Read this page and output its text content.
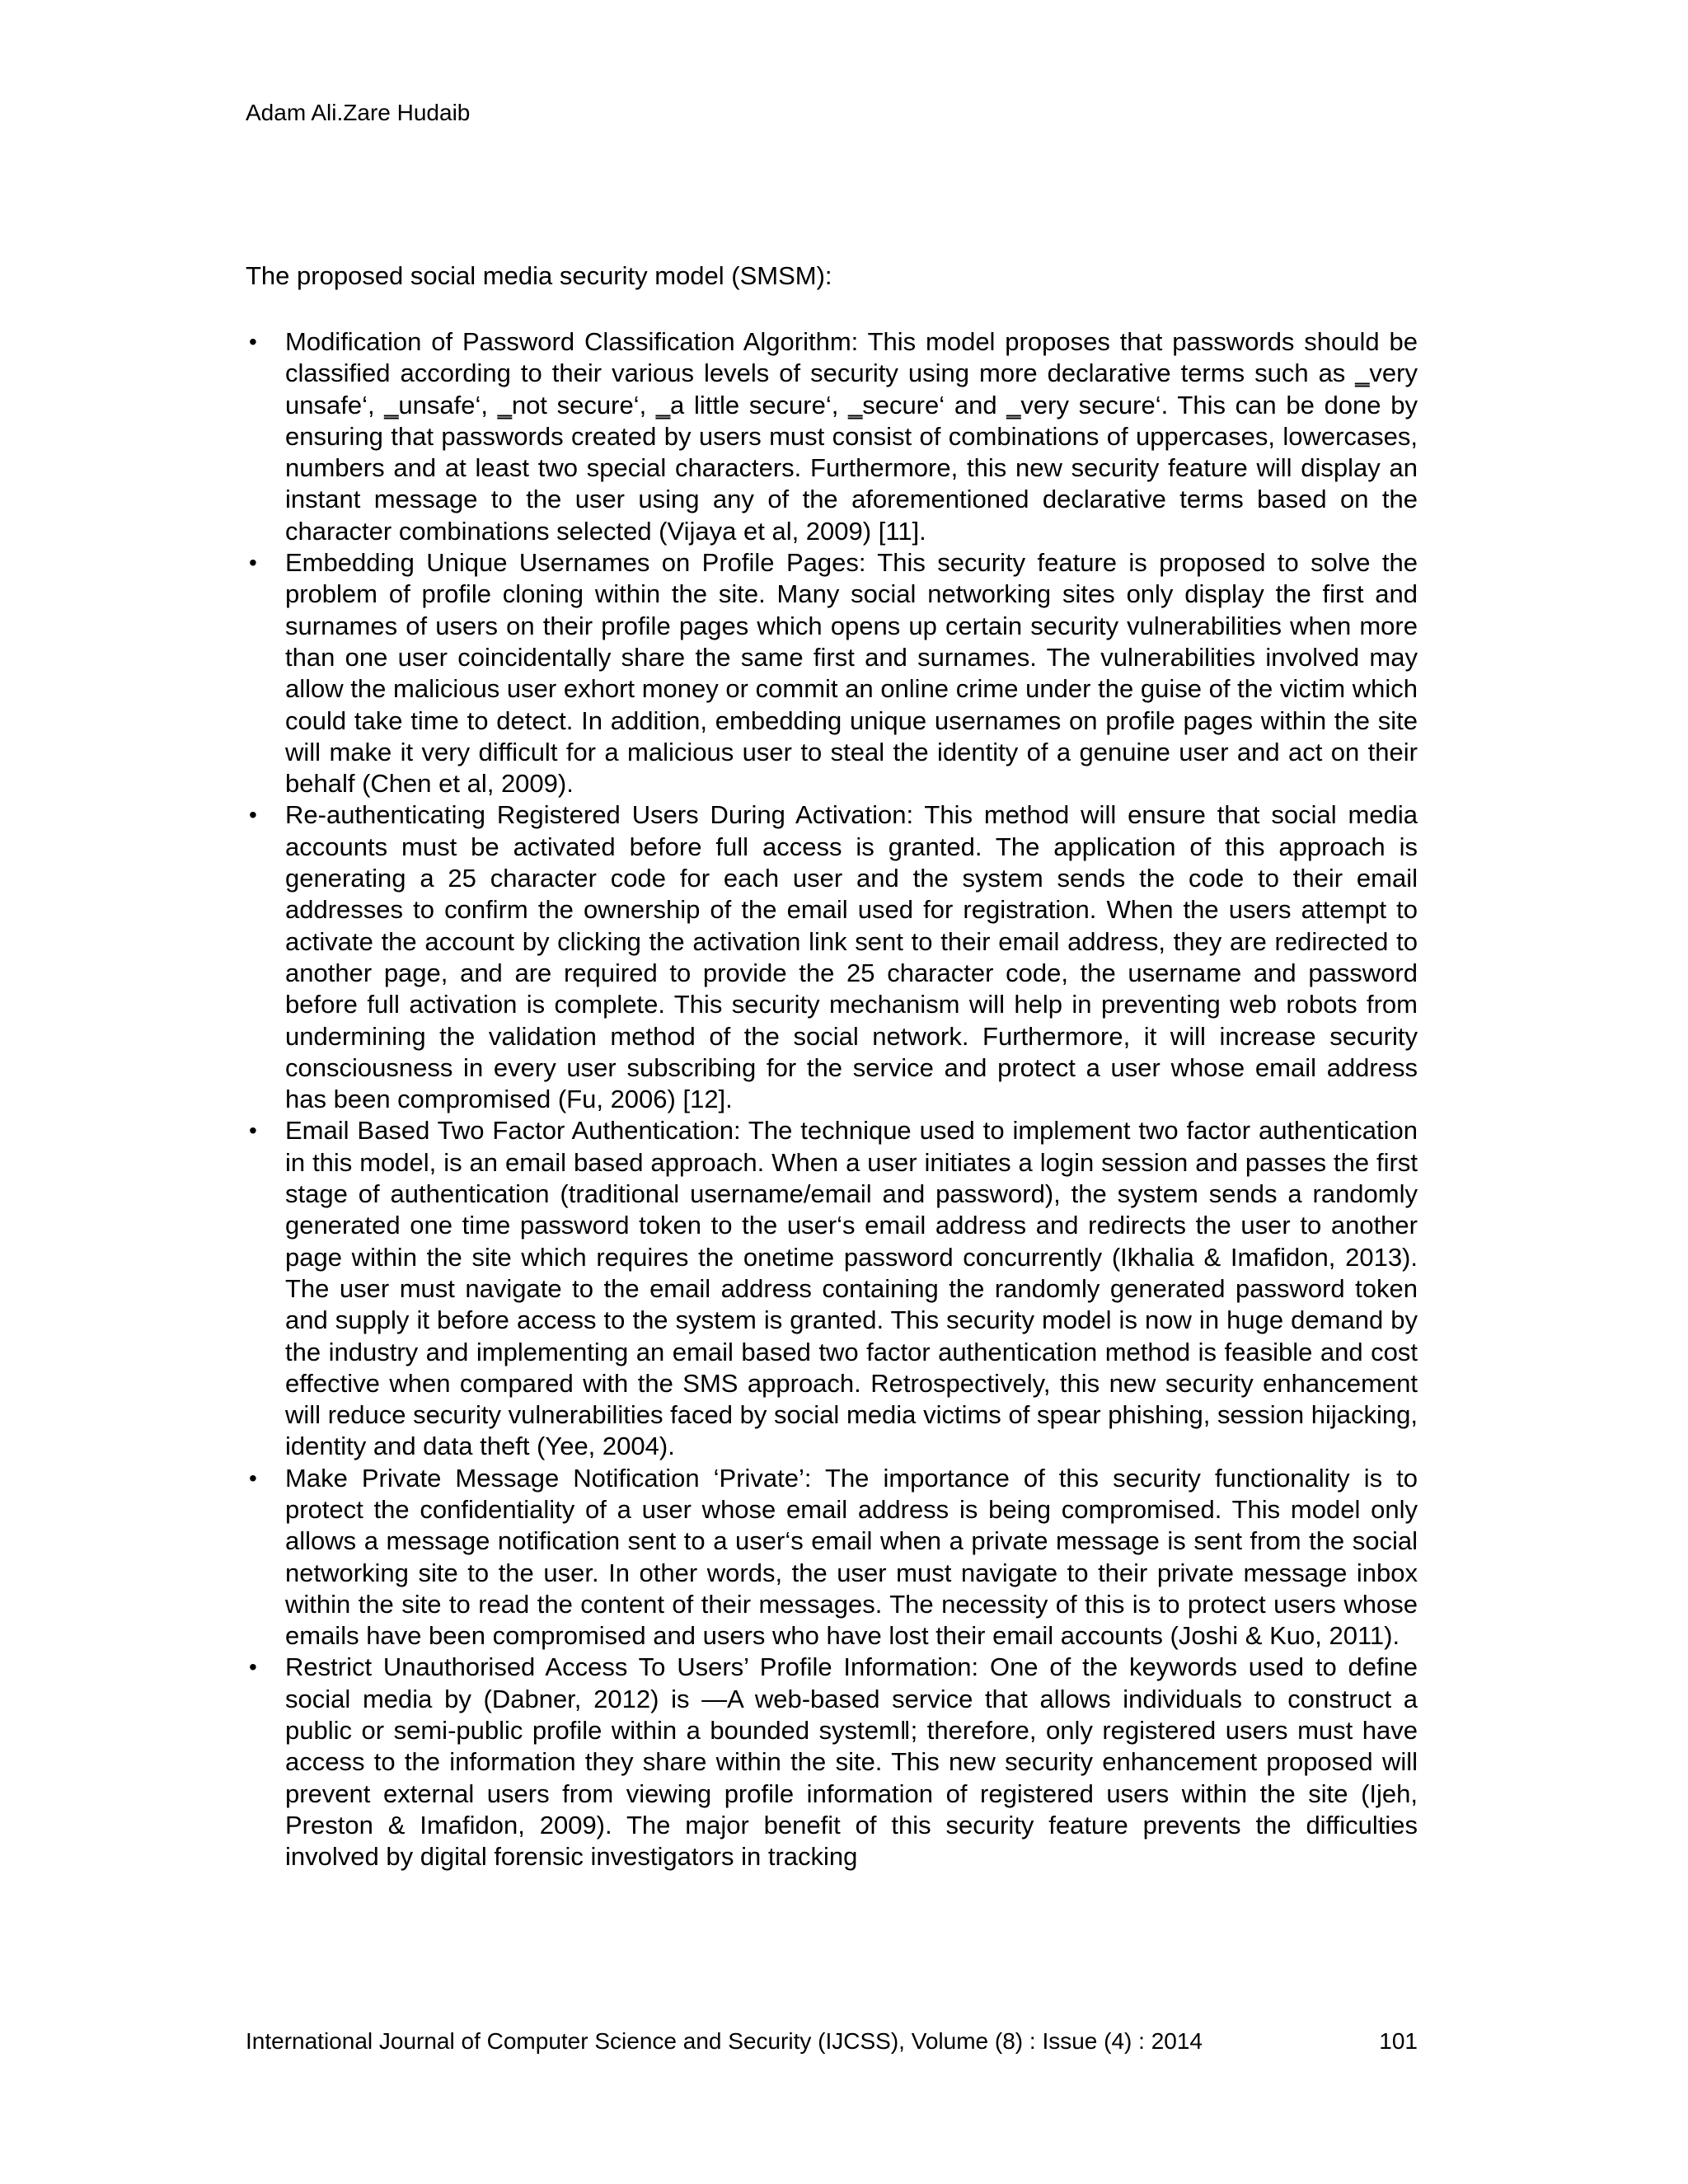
Adam Ali.Zare Hudaib
The proposed social media security model (SMSM):
• Modification of Password Classification Algorithm: This model proposes that passwords should be classified according to their various levels of security using more declarative terms such as ‗very unsafe‘, ‗unsafe‘, ‗not secure‘, ‗a little secure‘, ‗secure‘ and ‗very secure‘. This can be done by ensuring that passwords created by users must consist of combinations of uppercases, lowercases, numbers and at least two special characters. Furthermore, this new security feature will display an instant message to the user using any of the aforementioned declarative terms based on the character combinations selected (Vijaya et al, 2009) [11].
• Embedding Unique Usernames on Profile Pages: This security feature is proposed to solve the problem of profile cloning within the site. Many social networking sites only display the first and surnames of users on their profile pages which opens up certain security vulnerabilities when more than one user coincidentally share the same first and surnames. The vulnerabilities involved may allow the malicious user exhort money or commit an online crime under the guise of the victim which could take time to detect. In addition, embedding unique usernames on profile pages within the site will make it very difficult for a malicious user to steal the identity of a genuine user and act on their behalf (Chen et al, 2009).
• Re-authenticating Registered Users During Activation: This method will ensure that social media accounts must be activated before full access is granted. The application of this approach is generating a 25 character code for each user and the system sends the code to their email addresses to confirm the ownership of the email used for registration. When the users attempt to activate the account by clicking the activation link sent to their email address, they are redirected to another page, and are required to provide the 25 character code, the username and password before full activation is complete. This security mechanism will help in preventing web robots from undermining the validation method of the social network. Furthermore, it will increase security consciousness in every user subscribing for the service and protect a user whose email address has been compromised (Fu, 2006) [12].
• Email Based Two Factor Authentication: The technique used to implement two factor authentication in this model, is an email based approach. When a user initiates a login session and passes the first stage of authentication (traditional username/email and password), the system sends a randomly generated one time password token to the user‘s email address and redirects the user to another page within the site which requires the onetime password concurrently (Ikhalia & Imafidon, 2013). The user must navigate to the email address containing the randomly generated password token and supply it before access to the system is granted. This security model is now in huge demand by the industry and implementing an email based two factor authentication method is feasible and cost effective when compared with the SMS approach. Retrospectively, this new security enhancement will reduce security vulnerabilities faced by social media victims of spear phishing, session hijacking, identity and data theft (Yee, 2004).
• Make Private Message Notification ‘Private’: The importance of this security functionality is to protect the confidentiality of a user whose email address is being compromised. This model only allows a message notification sent to a user‘s email when a private message is sent from the social networking site to the user. In other words, the user must navigate to their private message inbox within the site to read the content of their messages. The necessity of this is to protect users whose emails have been compromised and users who have lost their email accounts (Joshi & Kuo, 2011).
• Restrict Unauthorised Access To Users’ Profile Information: One of the keywords used to define social media by (Dabner, 2012) is —A web-based service that allows individuals to construct a public or semi-public profile within a bounded system‖; therefore, only registered users must have access to the information they share within the site. This new security enhancement proposed will prevent external users from viewing profile information of registered users within the site (Ijeh, Preston & Imafidon, 2009). The major benefit of this security feature prevents the difficulties involved by digital forensic investigators in tracking
International Journal of Computer Science and Security (IJCSS), Volume (8) : Issue (4) : 2014	101
